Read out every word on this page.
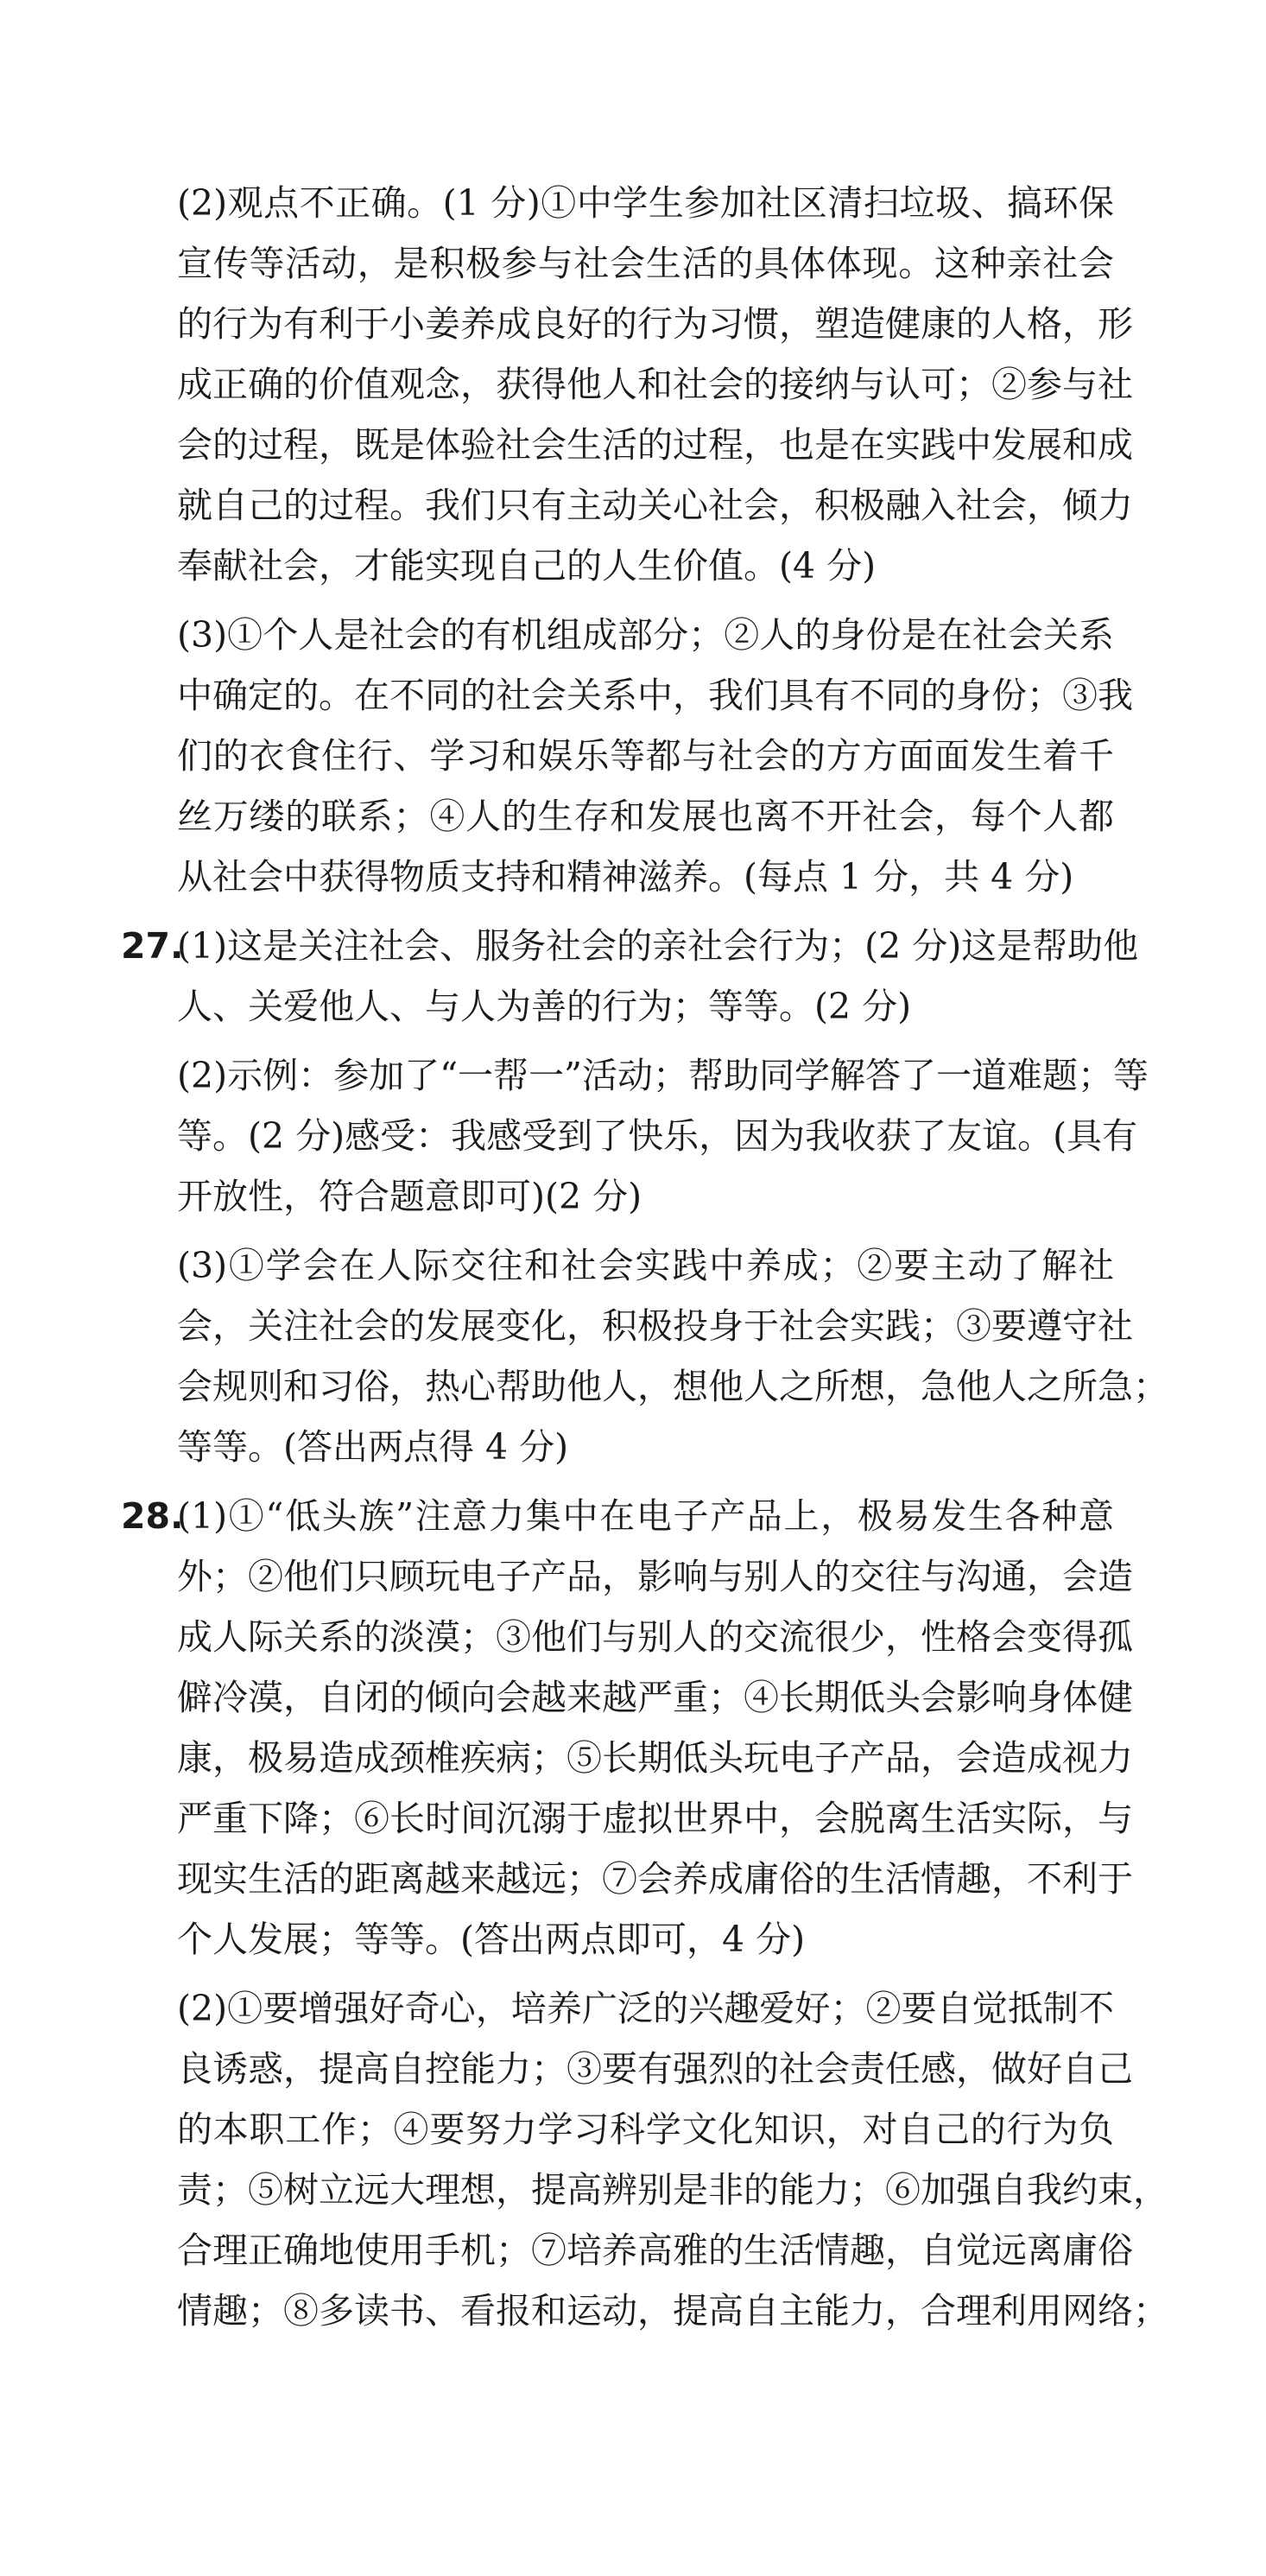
(2)观点不正确。(1 分)①中学生参加社区清扫垃圾、搞环保
宣传等活动，是积极参与社会生活的具体体现。这种亲社会
的行为有利于小姜养成良好的行为习惯，塑造健康的人格，形
成正确的价值观念，获得他人和社会的接纳与认可；②参与社
会的过程，既是体验社会生活的过程，也是在实践中发展和成
就自己的过程。我们只有主动关心社会，积极融入社会，倾力
奉献社会，才能实现自己的人生价值。(4 分)
(3)①个人是社会的有机组成部分；②人的身份是在社会关系
中确定的。在不同的社会关系中，我们具有不同的身份；③我
们的衣食住行、学习和娱乐等都与社会的方方面面发生着千
丝万缕的联系；④人的生存和发展也离不开社会，每个人都
从社会中获得物质支持和精神滋养。(每点 1 分，共 4 分)
27.
(1)这是关注社会、服务社会的亲社会行为；(2 分)这是帮助他
人、关爱他人、与人为善的行为；等等。(2 分)
(2)示例：参加了“一帮一”活动；帮助同学解答了一道难题；等
等。(2 分)感受：我感受到了快乐，因为我收获了友谊。(具有
开放性，符合题意即可)(2 分)
(3)①学会在人际交往和社会实践中养成；②要主动了解社
会，关注社会的发展变化，积极投身于社会实践；③要遵守社
会规则和习俗，热心帮助他人，想他人之所想，急他人之所急；
等等。(答出两点得 4 分)
28.
(1)①“低头族”注意力集中在电子产品上，极易发生各种意
外；②他们只顾玩电子产品，影响与别人的交往与沟通，会造
成人际关系的淡漠；③他们与别人的交流很少，性格会变得孤
僻冷漠，自闭的倾向会越来越严重；④长期低头会影响身体健
康，极易造成颈椎疾病；⑤长期低头玩电子产品，会造成视力
严重下降；⑥长时间沉溺于虚拟世界中，会脱离生活实际，与
现实生活的距离越来越远；⑦会养成庸俗的生活情趣，不利于
个人发展；等等。(答出两点即可，4 分)
(2)①要增强好奇心，培养广泛的兴趣爱好；②要自觉抵制不
良诱惑，提高自控能力；③要有强烈的社会责任感，做好自己
的本职工作；④要努力学习科学文化知识，对自己的行为负
责；⑤树立远大理想，提高辨别是非的能力；⑥加强自我约束，
合理正确地使用手机；⑦培养高雅的生活情趣，自觉远离庸俗
情趣；⑧多读书、看报和运动，提高自主能力，合理利用网络；
